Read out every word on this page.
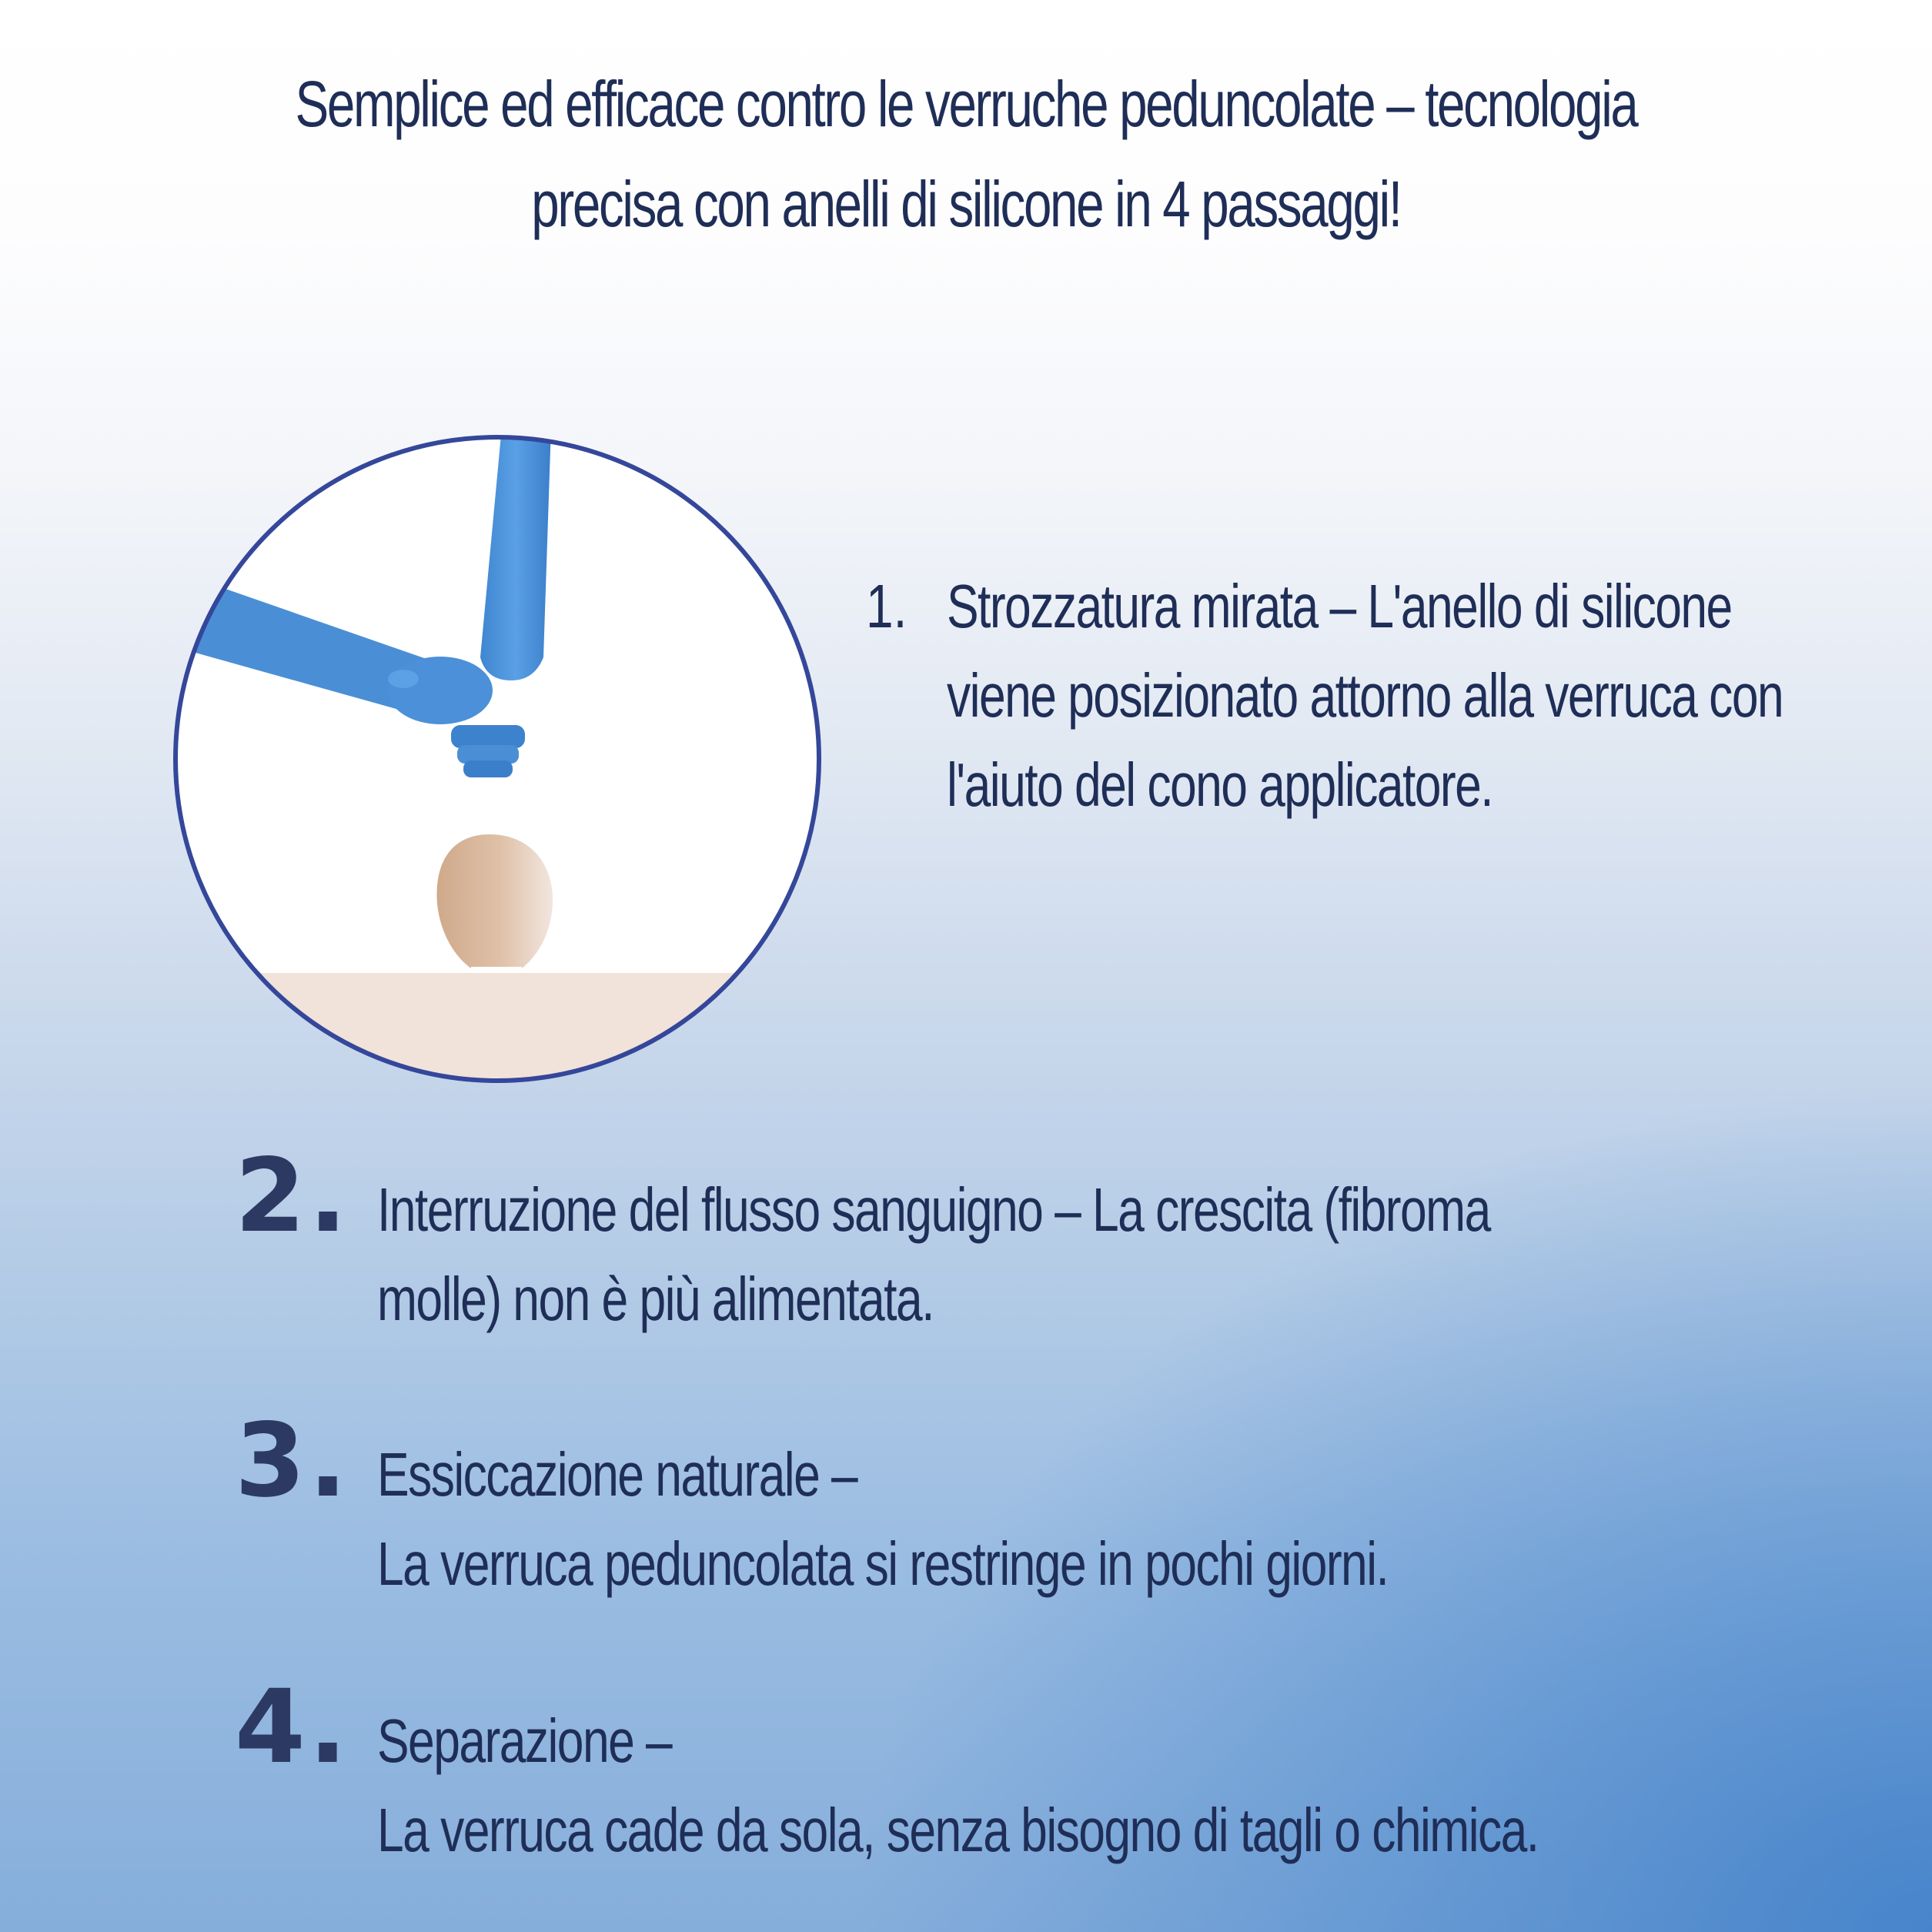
Semplice ed efficace contro le verruche peduncolate – tecnologia
precisa con anelli di silicone in 4 passaggi!
1. Strozzatura mirata – L'anello di silicone viene posizionato attorno alla verruca con l'aiuto del cono applicatore.
2. Interruzione del flusso sanguigno – La crescita (fibroma
molle) non è più alimentata.
3. Essiccazione naturale –
La verruca peduncolata si restringe in pochi giorni.
4. Separazione –
La verruca cade da sola, senza bisogno di tagli o chimica.
